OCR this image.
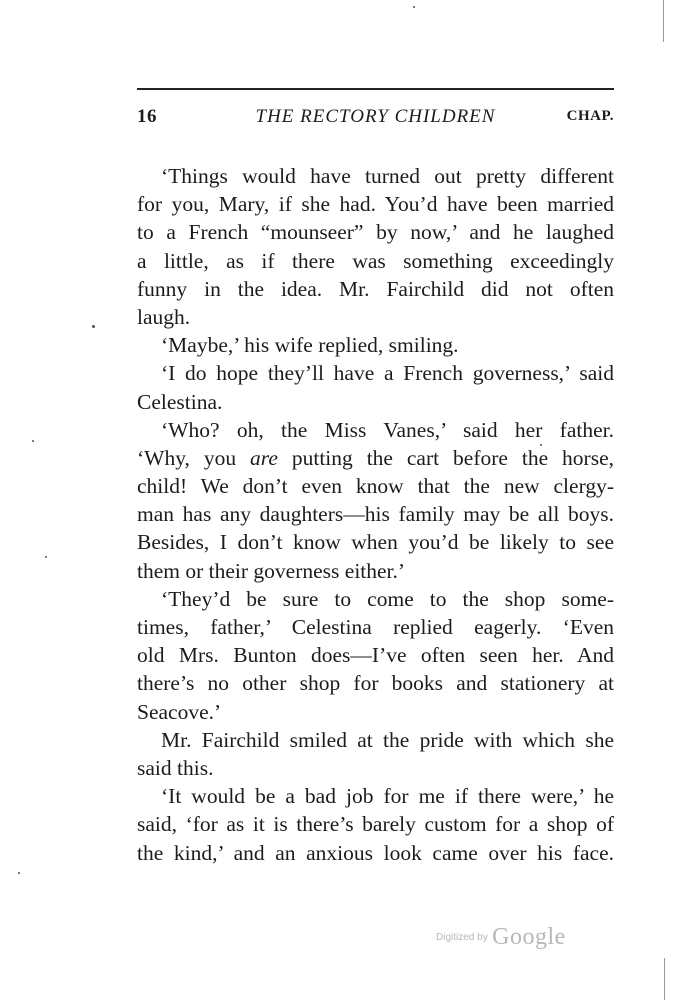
16	THE RECTORY CHILDREN	CHAP.
‘Things would have turned out pretty different
for you, Mary, if she had. You’d have been married
to a French “mounseer” by now,’ and he laughed
a little, as if there was something exceedingly
funny in the idea. Mr. Fairchild did not often
laugh.
‘Maybe,’ his wife replied, smiling.
‘I do hope they’ll have a French governess,’ said
Celestina.
‘Who? oh, the Miss Vanes,’ said her father.
‘Why, you are putting the cart before the horse,
child! We don’t even know that the new clergy-
man has any daughters—his family may be all boys.
Besides, I don’t know when you’d be likely to see
them or their governess either.’
‘They’d be sure to come to the shop some-
times, father,’ Celestina replied eagerly. ‘Even
old Mrs. Bunton does—I’ve often seen her. And
there’s no other shop for books and stationery at
Seacove.’
Mr. Fairchild smiled at the pride with which she
said this.
‘It would be a bad job for me if there were,’ he
said, ‘for as it is there’s barely custom for a shop of
the kind,’ and an anxious look came over his face.
Digitized by Google
